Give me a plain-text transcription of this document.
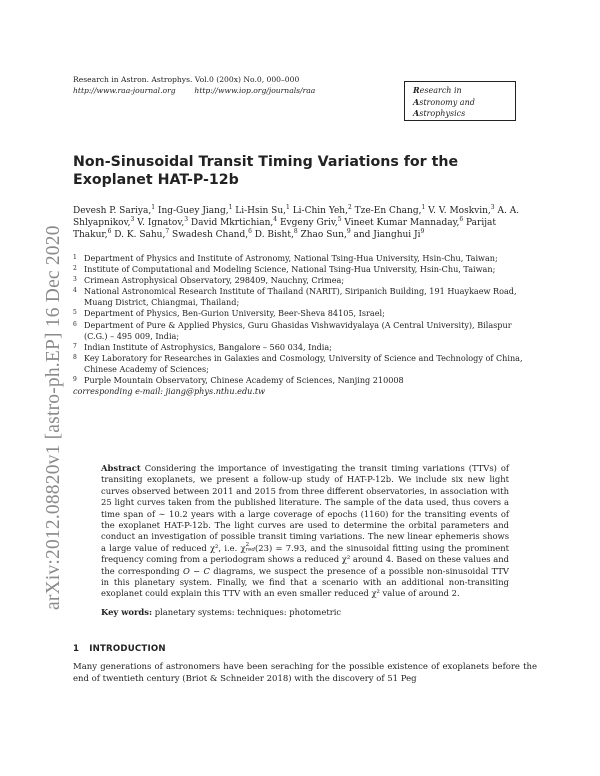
arXiv:2012.08820v1 [astro-ph.EP] 16 Dec 2020
Research in Astron. Astrophys. Vol.0 (200x) No.0, 000–000
http://www.raa-journal.org http://www.iop.org/journals/raa	Research in
Astronomy and
Astrophysics
Non-Sinusoidal Transit Timing Variations for the
Exoplanet HAT-P-12b
Devesh P. Sariya,$^1$ Ing-Guey Jiang,$^1$ Li-Hsin Su,$^1$ Li-Chin Yeh,$^2$ Tze-En Chang,$^1$ V. V. Moskvin,$^3$ A. A. Shlyapnikov,$^3$ V. Ignatov,$^3$ David Mkrtichian,$^4$ Evgeny Griv,$^5$ Vineet Kumar Mannaday,$^6$ Parijat Thakur,$^6$ D. K. Sahu,$^7$ Swadesh Chand,$^6$ D. Bisht,$^8$ Zhao Sun,$^9$ and Jianghui Ji$^9$
1 Department of Physics and Institute of Astronomy, National Tsing-Hua University, Hsin-Chu, Taiwan;
2 Institute of Computational and Modeling Science, National Tsing-Hua University, Hsin-Chu, Taiwan;
3 Crimean Astrophysical Observatory, 298409, Nauchny, Crimea;
4 National Astronomical Research Institute of Thailand (NARIT), Siripanich Building, 191 Huaykaew Road, Muang District, Chiangmai, Thailand;
5 Department of Physics, Ben-Gurion University, Beer-Sheva 84105, Israel;
6 Department of Pure & Applied Physics, Guru Ghasidas Vishwavidyalaya (A Central University), Bilaspur (C.G.) – 495 009, India;
7 Indian Institute of Astrophysics, Bangalore – 560 034, India;
8 Key Laboratory for Researches in Galaxies and Cosmology, University of Science and Technology of China, Chinese Academy of Sciences;
9 Purple Mountain Observatory, Chinese Academy of Sciences, Nanjing 210008
corresponding e-mail: jiang@phys.nthu.edu.tw
Abstract Considering the importance of investigating the transit timing variations (TTVs) of transiting exoplanets, we present a follow-up study of HAT-P-12b. We include six new light curves observed between 2011 and 2015 from three different observatories, in association with 25 light curves taken from the published literature. The sample of the data used, thus covers a time span of ∼ 10.2 years with a large coverage of epochs (1160) for the transiting events of the exoplanet HAT-P-12b. The light curves are used to determine the orbital parameters and conduct an investigation of possible transit timing variations. The new linear ephemeris shows a large value of reduced χ², i.e. χ 2
red (23) = 7.93, and the sinusoidal fitting using the prominent frequency coming from a periodogram shows a reduced χ² around 4. Based on these values and the corresponding O − C diagrams, we suspect the presence of a possible non-sinusoidal TTV in this planetary system. Finally, we find that a scenario with an additional non-transiting exoplanet could explain this TTV with an even smaller reduced χ² value of around 2.
Key words: planetary systems: techniques: photometric
1 INTRODUCTION
Many generations of astronomers have been seraching for the possible existence of exoplanets before the end of twentieth century (Briot & Schneider 2018) with the discovery of 51 Peg
